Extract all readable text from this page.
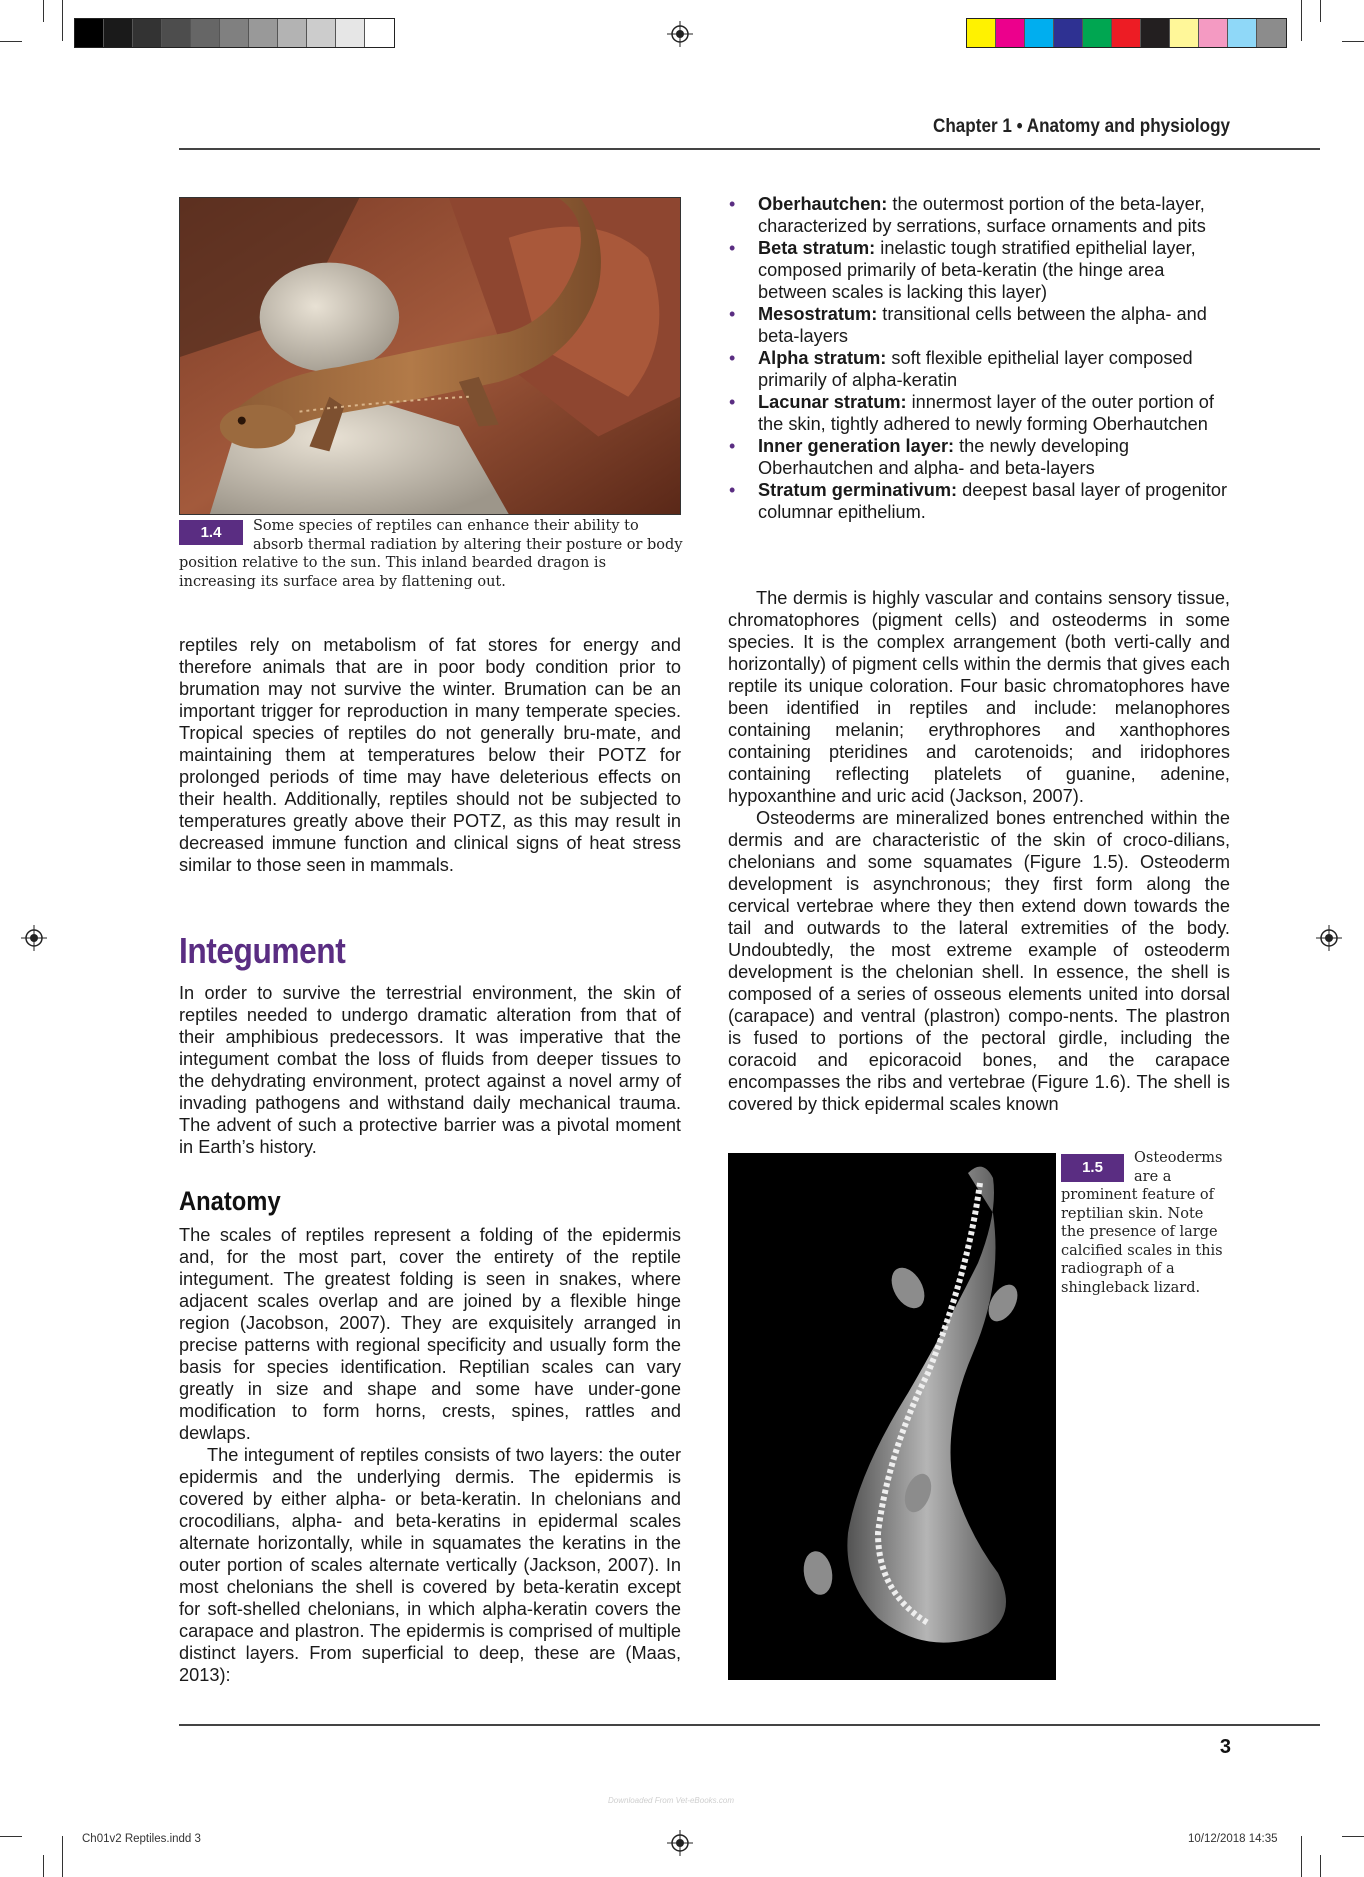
Chapter 1 • Anatomy and physiology
1.4	Some species of reptiles can enhance their ability to absorb thermal radiation by altering their posture or body position relative to the sun. This inland bearded dragon is increasing its surface area by flattening out.

reptiles rely on metabolism of fat stores for energy and therefore animals that are in poor body condition prior to brumation may not survive the winter. Brumation can be an important trigger for reproduction in many temperate species. Tropical species of reptiles do not generally bru-mate, and maintaining them at temperatures below their POTZ for prolonged periods of time may have deleterious effects on their health. Additionally, reptiles should not be subjected to temperatures greatly above their POTZ, as this may result in decreased immune function and clinical signs of heat stress similar to those seen in mammals.

Integument

In order to survive the terrestrial environment, the skin of reptiles needed to undergo dramatic alteration from that of their amphibious predecessors. It was imperative that the integument combat the loss of fluids from deeper tissues to the dehydrating environment, protect against a novel army of invading pathogens and withstand daily mechanical trauma. The advent of such a protective barrier was a pivotal moment in Earth’s history.

Anatomy

The scales of reptiles represent a folding of the epidermis and, for the most part, cover the entirety of the reptile integument. The greatest folding is seen in snakes, where adjacent scales overlap and are joined by a flexible hinge region (Jacobson, 2007). They are exquisitely arranged in precise patterns with regional specificity and usually form the basis for species identification. Reptilian scales can vary greatly in size and shape and some have under-gone modification to form horns, crests, spines, rattles and dewlaps.

The integument of reptiles consists of two layers: the outer epidermis and the underlying dermis. The epidermis is covered by either alpha- or beta-keratin. In chelonians and crocodilians, alpha- and beta-keratins in epidermal scales alternate horizontally, while in squamates the keratins in the outer portion of scales alternate vertically (Jackson, 2007). In most chelonians the shell is covered by beta-keratin except for soft-shelled chelonians, in which alpha-keratin covers the carapace and plastron. The epidermis is comprised of multiple distinct layers. From superficial to deep, these are (Maas, 2013):

• Oberhautchen: the outermost portion of the beta-layer, characterized by serrations, surface ornaments and pits
• Beta stratum: inelastic tough stratified epithelial layer, composed primarily of beta-keratin (the hinge area between scales is lacking this layer)
• Mesostratum: transitional cells between the alpha- and beta-layers
• Alpha stratum: soft flexible epithelial layer composed primarily of alpha-keratin
• Lacunar stratum: innermost layer of the outer portion of the skin, tightly adhered to newly forming Oberhautchen
• Inner generation layer: the newly developing Oberhautchen and alpha- and beta-layers
• Stratum germinativum: deepest basal layer of progenitor columnar epithelium.

The dermis is highly vascular and contains sensory tissue, chromatophores (pigment cells) and osteoderms in some species. It is the complex arrangement (both verti-cally and horizontally) of pigment cells within the dermis that gives each reptile its unique coloration. Four basic chromatophores have been identified in reptiles and include: melanophores containing melanin; erythrophores and xanthophores containing pteridines and carotenoids; and iridophores containing reflecting platelets of guanine, adenine, hypoxanthine and uric acid (Jackson, 2007).

Osteoderms are mineralized bones entrenched within the dermis and are characteristic of the skin of croco-dilians, chelonians and some squamates (Figure 1.5). Osteoderm development is asynchronous; they first form along the cervical vertebrae where they then extend down towards the tail and outwards to the lateral extremities of the body. Undoubtedly, the most extreme example of osteoderm development is the chelonian shell. In essence, the shell is composed of a series of osseous elements united into dorsal (carapace) and ventral (plastron) compo-nents. The plastron is fused to portions of the pectoral girdle, including the coracoid and epicoracoid bones, and the carapace encompasses the ribs and vertebrae (Figure 1.6). The shell is covered by thick epidermal scales known

1.5
Osteoderms are a prominent feature of reptilian skin. Note the presence of large calcified scales in this radiograph of a shingleback lizard.
3
Downloaded From Vet-eBooks.com
Ch01v2 Reptiles.indd 3	10/12/2018 14:35
